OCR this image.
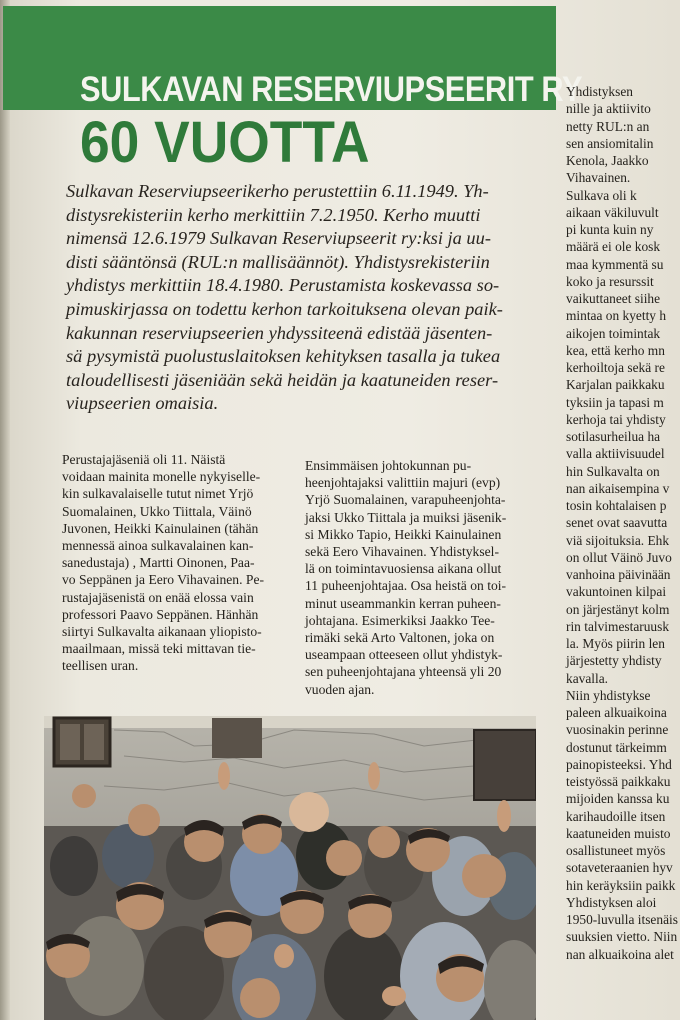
SULKAVAN RESERVIUPSEERIT RY
60 VUOTTA
Sulkavan Reserviupseerikerho perustettiin 6.11.1949. Yh-
distysrekisteriin kerho merkittiin 7.2.1950. Kerho muutti
nimensä 12.6.1979 Sulkavan Reserviupseerit ry:ksi ja uu-
disti sääntönsä (RUL:n mallisäännöt). Yhdistysrekisteriin
yhdistys merkittiin 18.4.1980. Perustamista koskevassa so-
pimuskirjassa on todettu kerhon tarkoituksena olevan paik-
kakunnan reserviupseerien yhdyssiteenä edistää jäsenten-
sä pysymistä puolustuslaitoksen kehityksen tasalla ja tukea
taloudellisesti jäseniään sekä heidän ja kaatuneiden reser-
viupseerien omaisia.
Perustajajäseniä oli 11. Näistä
voidaan mainita monelle nykyiselle-
kin sulkavalaiselle tutut nimet Yrjö
Suomalainen, Ukko Tiittala, Väinö
Juvonen, Heikki Kainulainen (tähän
mennessä ainoa sulkavalainen kan-
sanedustaja) , Martti Oinonen, Paa-
vo Seppänen ja Eero Vihavainen. Pe-
rustajajäsenistä on enää elossa vain
professori Paavo Seppänen. Hänhän
siirtyi Sulkavalta aikanaan yliopisto-
maailmaan, missä teki mittavan tie-
teellisen uran.
Ensimmäisen johtokunnan pu-
heenjohtajaksi valittiin majuri (evp)
Yrjö Suomalainen, varapuheenjohta-
jaksi Ukko Tiittala ja muiksi jäsenik-
si Mikko Tapio, Heikki Kainulainen
sekä Eero Vihavainen. Yhdistyksel-
lä on toimintavuosiensa aikana ollut
11 puheenjohtajaa. Osa heistä on toi-
minut useammankin kerran puheen-
johtajana. Esimerkiksi Jaakko Tee-
rimäki sekä Arto Valtonen, joka on
useampaan otteeseen ollut yhdistyk-
sen puheenjohtajana yhteensä yli 20
vuoden ajan.
Yhdistyksen
nille ja aktiivito
netty RUL:n an
sen ansiomitalin
Kenola, Jaakko
Vihavainen.
Sulkava oli k
aikaan väkiluvult
pi kunta kuin ny
määrä ei ole kosk
maa kymmentä su
koko ja resurssit
vaikuttaneet siihe
mintaa on kyetty h
aikojen toimintak
kea, että kerho mn
kerhoiltoja sekä re
Karjalan paikkaku
tyksiin ja tapasi m
kerhoja tai yhdisty
sotilasurheilua ha
valla aktiivisuudel
hin Sulkavalta on
nan aikaisempina v
tosin kohtalaisen p
senet ovat saavutta
viä sijoituksia. Ehk
on ollut Väinö Juvo
vanhoina päivinään
vakuntoinen kilpai
on järjestänyt kolm
rin talvimestaruusk
la. Myös piirin len
järjestetty yhdisty
kavalla.
Niin yhdistykse
paleen alkuaikoina
vuosinakin perinne
dostunut tärkeimm
painopisteeksi. Yhd
teistyössä paikkaku
mijoiden kanssa ku
karihaudoille itsen
kaatuneiden muisto
osallistuneet myös
sotaveteraanien hyv
hin keräyksiin paikk
Yhdistyksen aloi
1950-luvulla itsenäis
suuksien vietto. Niin
nan alkuaikoina alet
